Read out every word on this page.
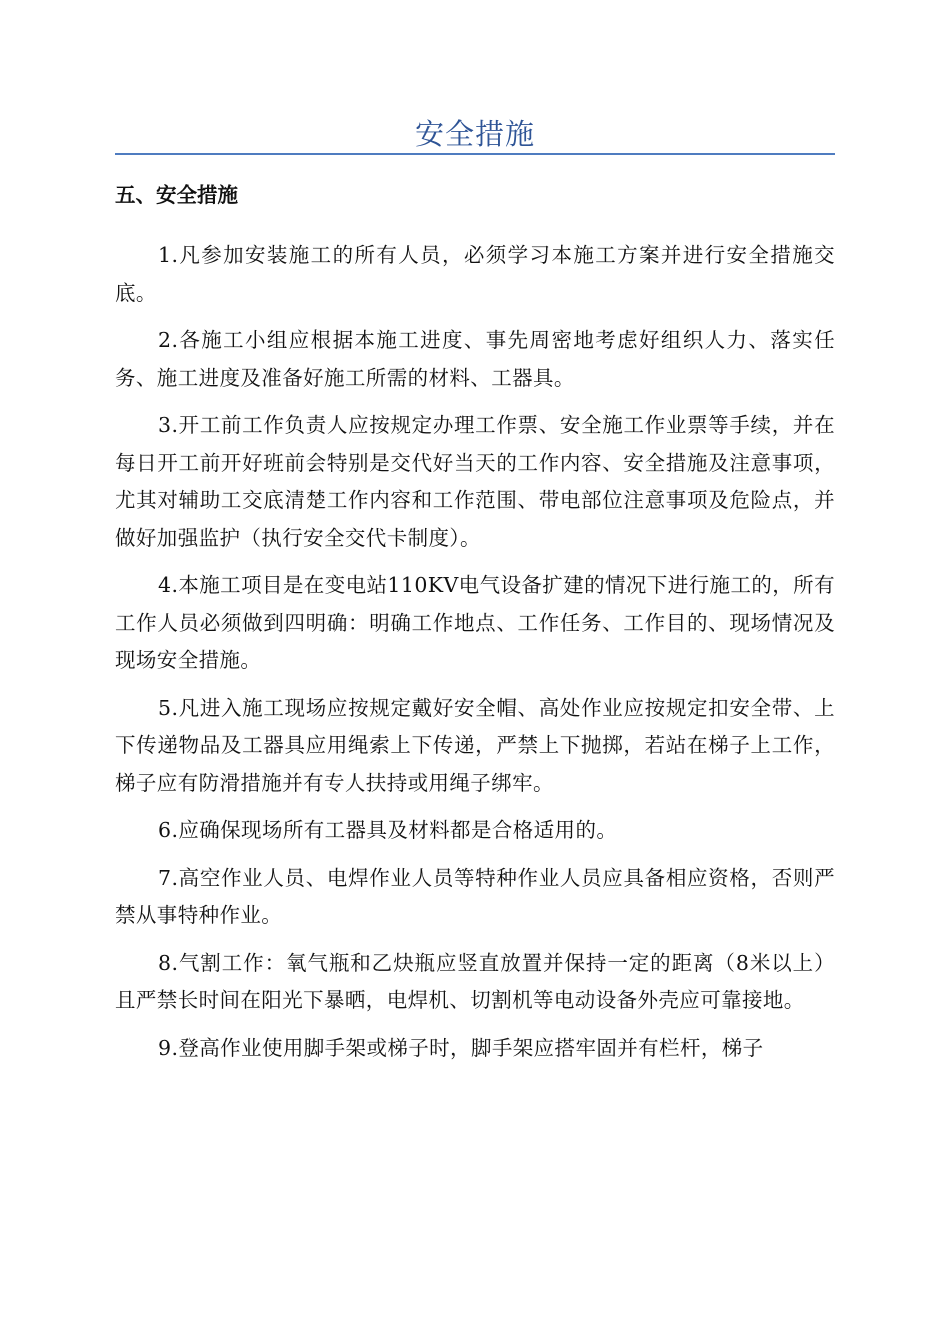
安全措施
五、安全措施

1.凡参加安装施工的所有人员，必须学习本施工方案并进行安全措施交底。

2.各施工小组应根据本施工进度、事先周密地考虑好组织人力、落实任务、施工进度及准备好施工所需的材料、工器具。

3.开工前工作负责人应按规定办理工作票、安全施工作业票等手续，并在每日开工前开好班前会特别是交代好当天的工作内容、安全措施及注意事项，尤其对辅助工交底清楚工作内容和工作范围、带电部位注意事项及危险点，并做好加强监护（执行安全交代卡制度）。

4.本施工项目是在变电站110KV电气设备扩建的情况下进行施工的，所有工作人员必须做到四明确：明确工作地点、工作任务、工作目的、现场情况及现场安全措施。

5.凡进入施工现场应按规定戴好安全帽、高处作业应按规定扣安全带、上下传递物品及工器具应用绳索上下传递，严禁上下抛掷，若站在梯子上工作，梯子应有防滑措施并有专人扶持或用绳子绑牢。

6.应确保现场所有工器具及材料都是合格适用的。

7.高空作业人员、电焊作业人员等特种作业人员应具备相应资格，否则严禁从事特种作业。

8.气割工作：氧气瓶和乙炔瓶应竖直放置并保持一定的距离（8米以上）且严禁长时间在阳光下暴晒，电焊机、切割机等电动设备外壳应可靠接地。

9.登高作业使用脚手架或梯子时，脚手架应搭牢固并有栏杆，梯子
